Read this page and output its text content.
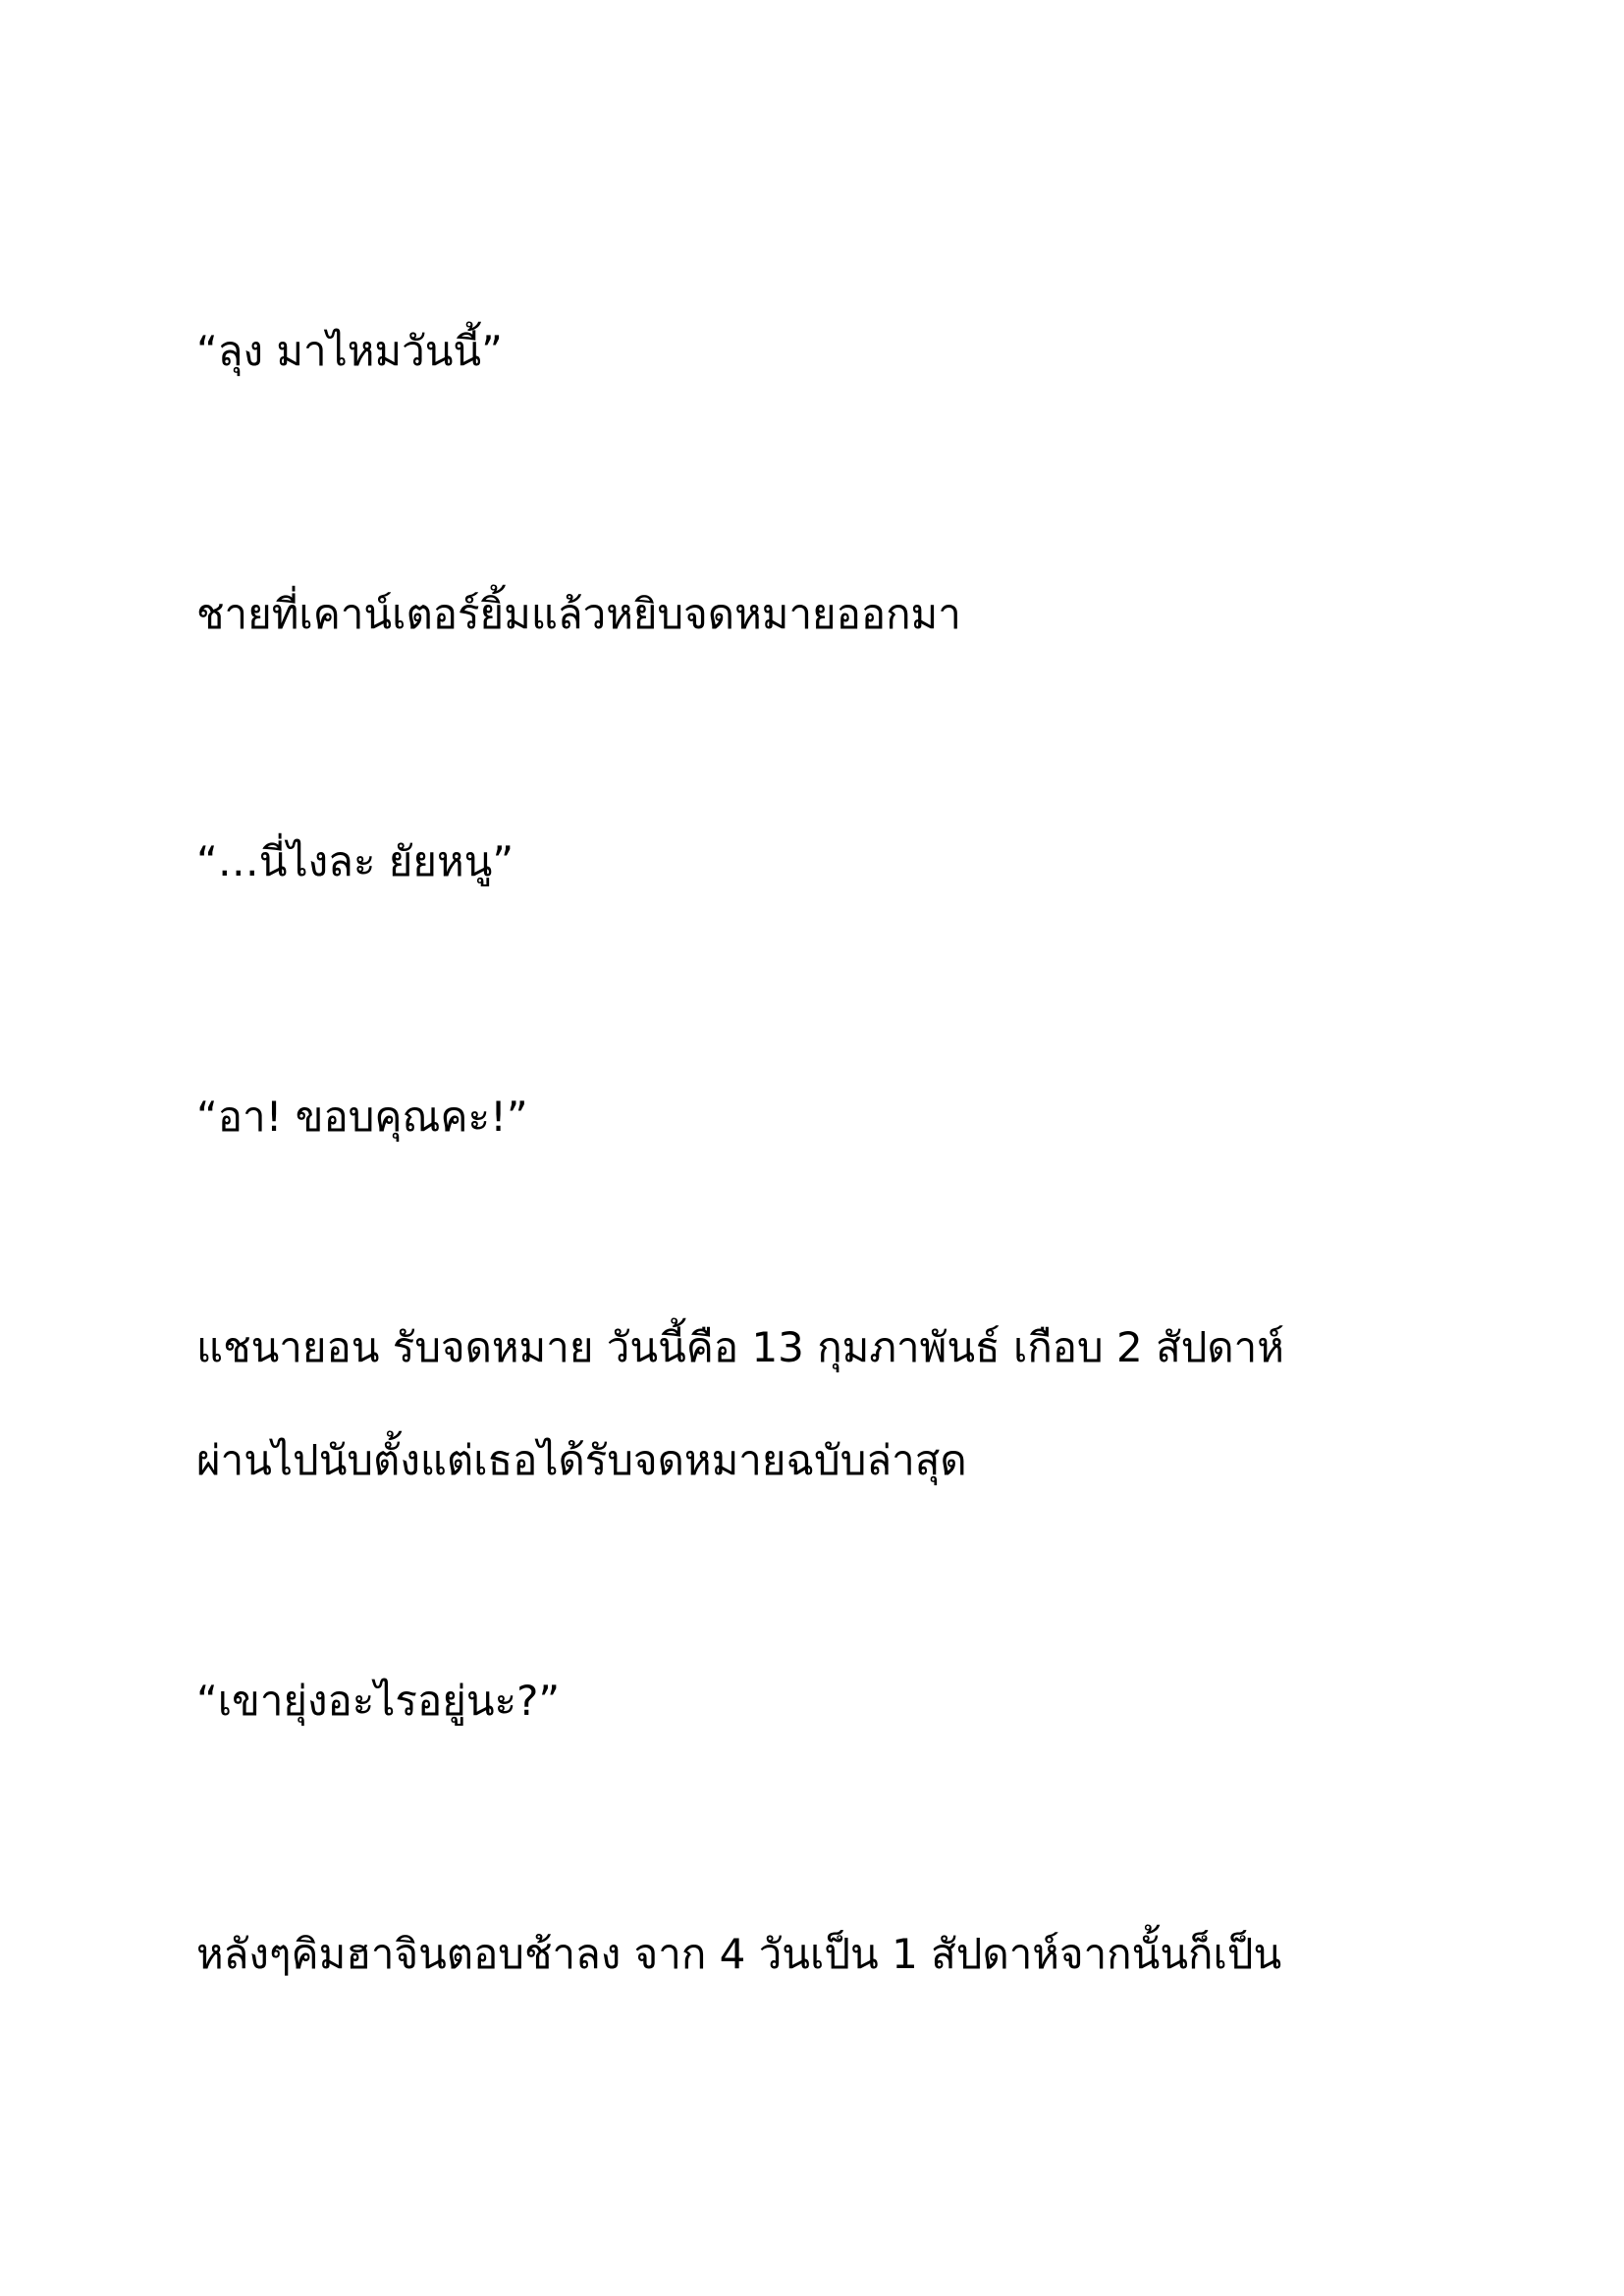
“ลุง มาไหมวันนี้”
ชายที่เคาน์เตอร์ยิ้มแล้วหยิบจดหมายออกมา
“…นี่ไงละ ยัยหนู”
“อา! ขอบคุณคะ!”
แชนายอน รับจดหมาย วันนี้คือ 13 กุมภาพันธ์ เกือบ 2 สัปดาห์
ผ่านไปนับตั้งแต่เธอได้รับจดหมายฉบับล่าสุด
“เขายุ่งอะไรอยู่นะ?”
หลังๆคิมฮาจินตอบช้าลง จาก 4 วันเป็น 1 สัปดาห์จากนั้นก็เป็น
